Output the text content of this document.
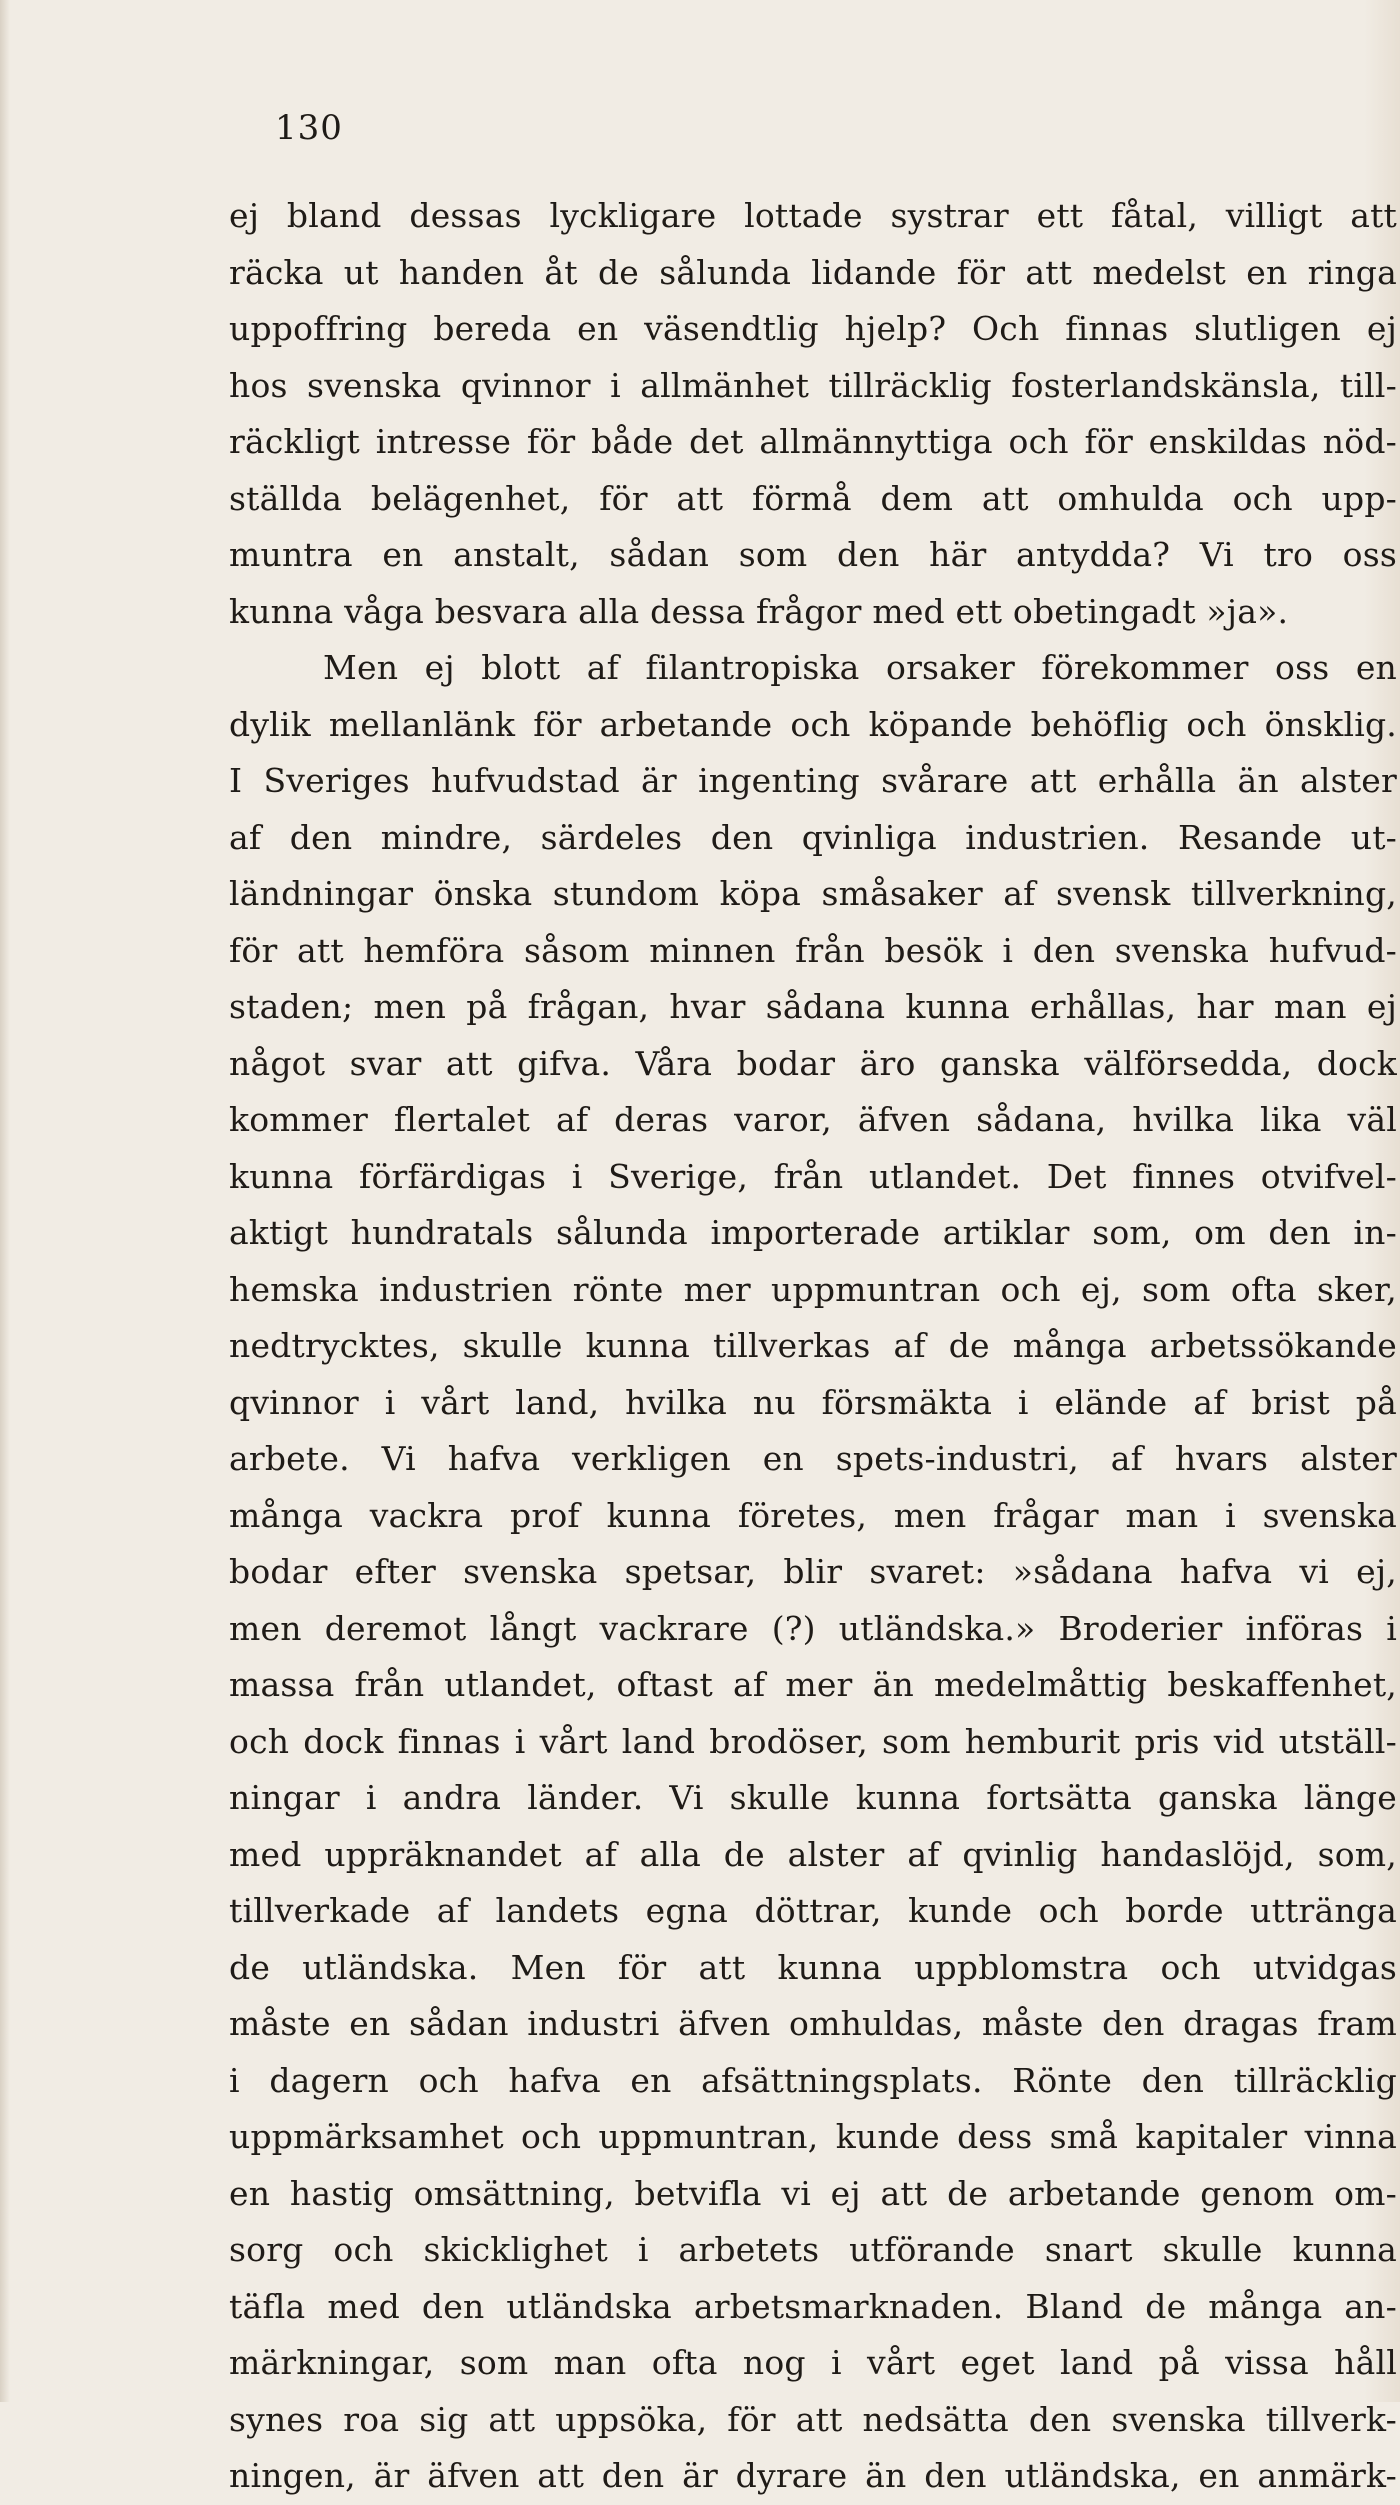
130
ej bland dessas lyckligare lottade systrar ett fåtal, villigt att
räcka ut handen åt de sålunda lidande för att medelst en ringa
uppoffring bereda en väsendtlig hjelp? Och finnas slutligen ej
hos svenska qvinnor i allmänhet tillräcklig fosterlandskänsla, till-
räckligt intresse för både det allmännyttiga och för enskildas nöd-
ställda belägenhet, för att förmå dem att omhulda och upp-
muntra en anstalt, sådan som den här antydda? Vi tro oss
kunna våga besvara alla dessa frågor med ett obetingadt »ja».
Men ej blott af filantropiska orsaker förekommer oss en
dylik mellanlänk för arbetande och köpande behöflig och önsklig.
I Sveriges hufvudstad är ingenting svårare att erhålla än alster
af den mindre, särdeles den qvinliga industrien. Resande ut-
ländningar önska stundom köpa småsaker af svensk tillverkning,
för att hemföra såsom minnen från besök i den svenska hufvud-
staden; men på frågan, hvar sådana kunna erhållas, har man ej
något svar att gifva. Våra bodar äro ganska välförsedda, dock
kommer flertalet af deras varor, äfven sådana, hvilka lika väl
kunna förfärdigas i Sverige, från utlandet. Det finnes otvifvel-
aktigt hundratals sålunda importerade artiklar som, om den in-
hemska industrien rönte mer uppmuntran och ej, som ofta sker,
nedtrycktes, skulle kunna tillverkas af de många arbetssökande
qvinnor i vårt land, hvilka nu försmäkta i elände af brist på
arbete. Vi hafva verkligen en spets-industri, af hvars alster
många vackra prof kunna företes, men frågar man i svenska
bodar efter svenska spetsar, blir svaret: »sådana hafva vi ej,
men deremot långt vackrare (?) utländska.» Broderier införas i
massa från utlandet, oftast af mer än medelmåttig beskaffenhet,
och dock finnas i vårt land brodöser, som hemburit pris vid utställ-
ningar i andra länder. Vi skulle kunna fortsätta ganska länge
med uppräknandet af alla de alster af qvinlig handaslöjd, som,
tillverkade af landets egna döttrar, kunde och borde uttränga
de utländska. Men för att kunna uppblomstra och utvidgas
måste en sådan industri äfven omhuldas, måste den dragas fram
i dagern och hafva en afsättningsplats. Rönte den tillräcklig
uppmärksamhet och uppmuntran, kunde dess små kapitaler vinna
en hastig omsättning, betvifla vi ej att de arbetande genom om-
sorg och skicklighet i arbetets utförande snart skulle kunna
täfla med den utländska arbetsmarknaden. Bland de många an-
märkningar, som man ofta nog i vårt eget land på vissa håll
synes roa sig att uppsöka, för att nedsätta den svenska tillverk-
ningen, är äfven att den är dyrare än den utländska, en anmärk-
